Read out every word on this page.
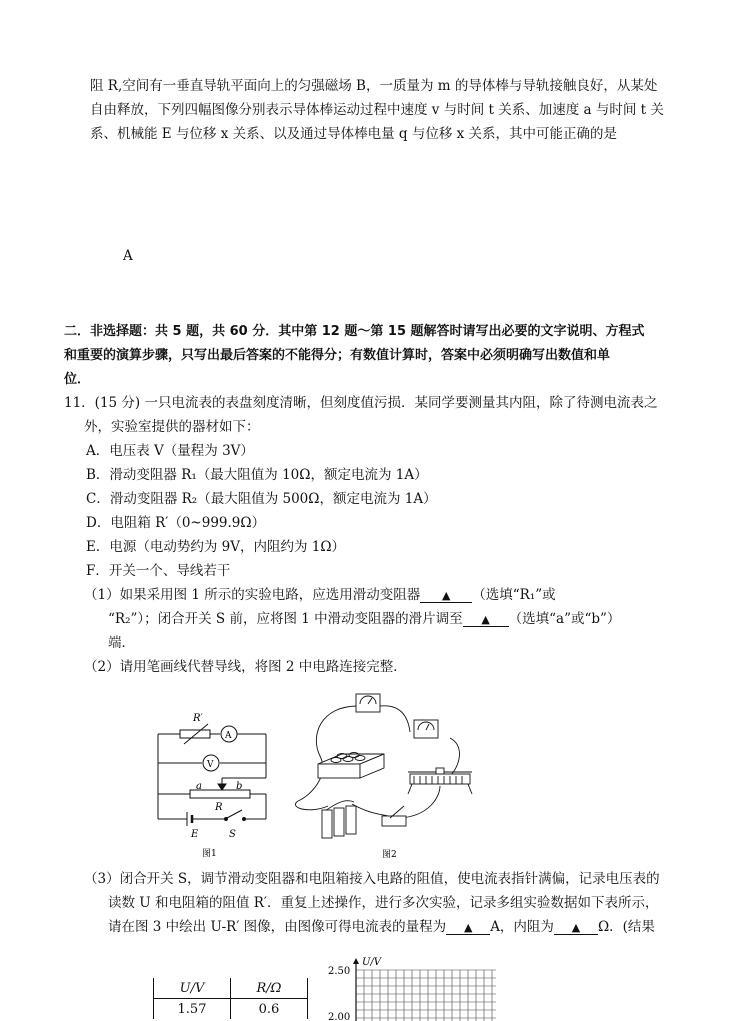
阻 R,空间有一垂直导轨平面向上的匀强磁场 B，一质量为 m 的导体棒与导轨接触良好，从某处
自由释放，下列四幅图像分别表示导体棒运动过程中速度 v 与时间 t 关系、加速度 a 与时间 t 关
系、机械能 E 与位移 x 关系、以及通过导体棒电量 q 与位移 x 关系，其中可能正确的是
A
二．非选择题：共 5 题，共 60 分．其中第 12 题～第 15 题解答时请写出必要的文字说明、方程式
和重要的演算步骤，只写出最后答案的不能得分；有数值计算时，答案中必须明确写出数值和单
位．
11．(15 分) 一只电流表的表盘刻度清晰，但刻度值污损．某同学要测量其内阻，除了待测电流表之
外，实验室提供的器材如下：
A．电压表 V（量程为 3V）
B．滑动变阻器 R₁（最大阻值为 10Ω，额定电流为 1A）
C．滑动变阻器 R₂（最大阻值为 500Ω，额定电流为 1A）
D．电阻箱 R′（0~999.9Ω）
E．电源（电动势约为 9V，内阻约为 1Ω）
F．开关一个、导线若干
（1）如果采用图 1 所示的实验电路，应选用滑动变阻器 ▲ （选填“R₁”或
“R₂”）；闭合开关 S 前，应将图 1 中滑动变阻器的滑片调至 ▲ （选填“a”或“b”）
端．
（2）请用笔画线代替导线，将图 2 中电路连接完整．
R′
A
V
a	b
R
E	S
图1	图2
（3）闭合开关 S，调节滑动变阻器和电阻箱接入电路的阻值，使电流表指针满偏，记录电压表的
读数 U 和电阻箱的阻值 R′．重复上述操作，进行多次实验，记录多组实验数据如下表所示，
请在图 3 中绘出 U-R′ 图像，由图像可得电流表的量程为 ▲ A，内阻为 ▲ Ω．(结果
U/V	R/Ω
1.57	0.6
U/V
2.50
2.00
